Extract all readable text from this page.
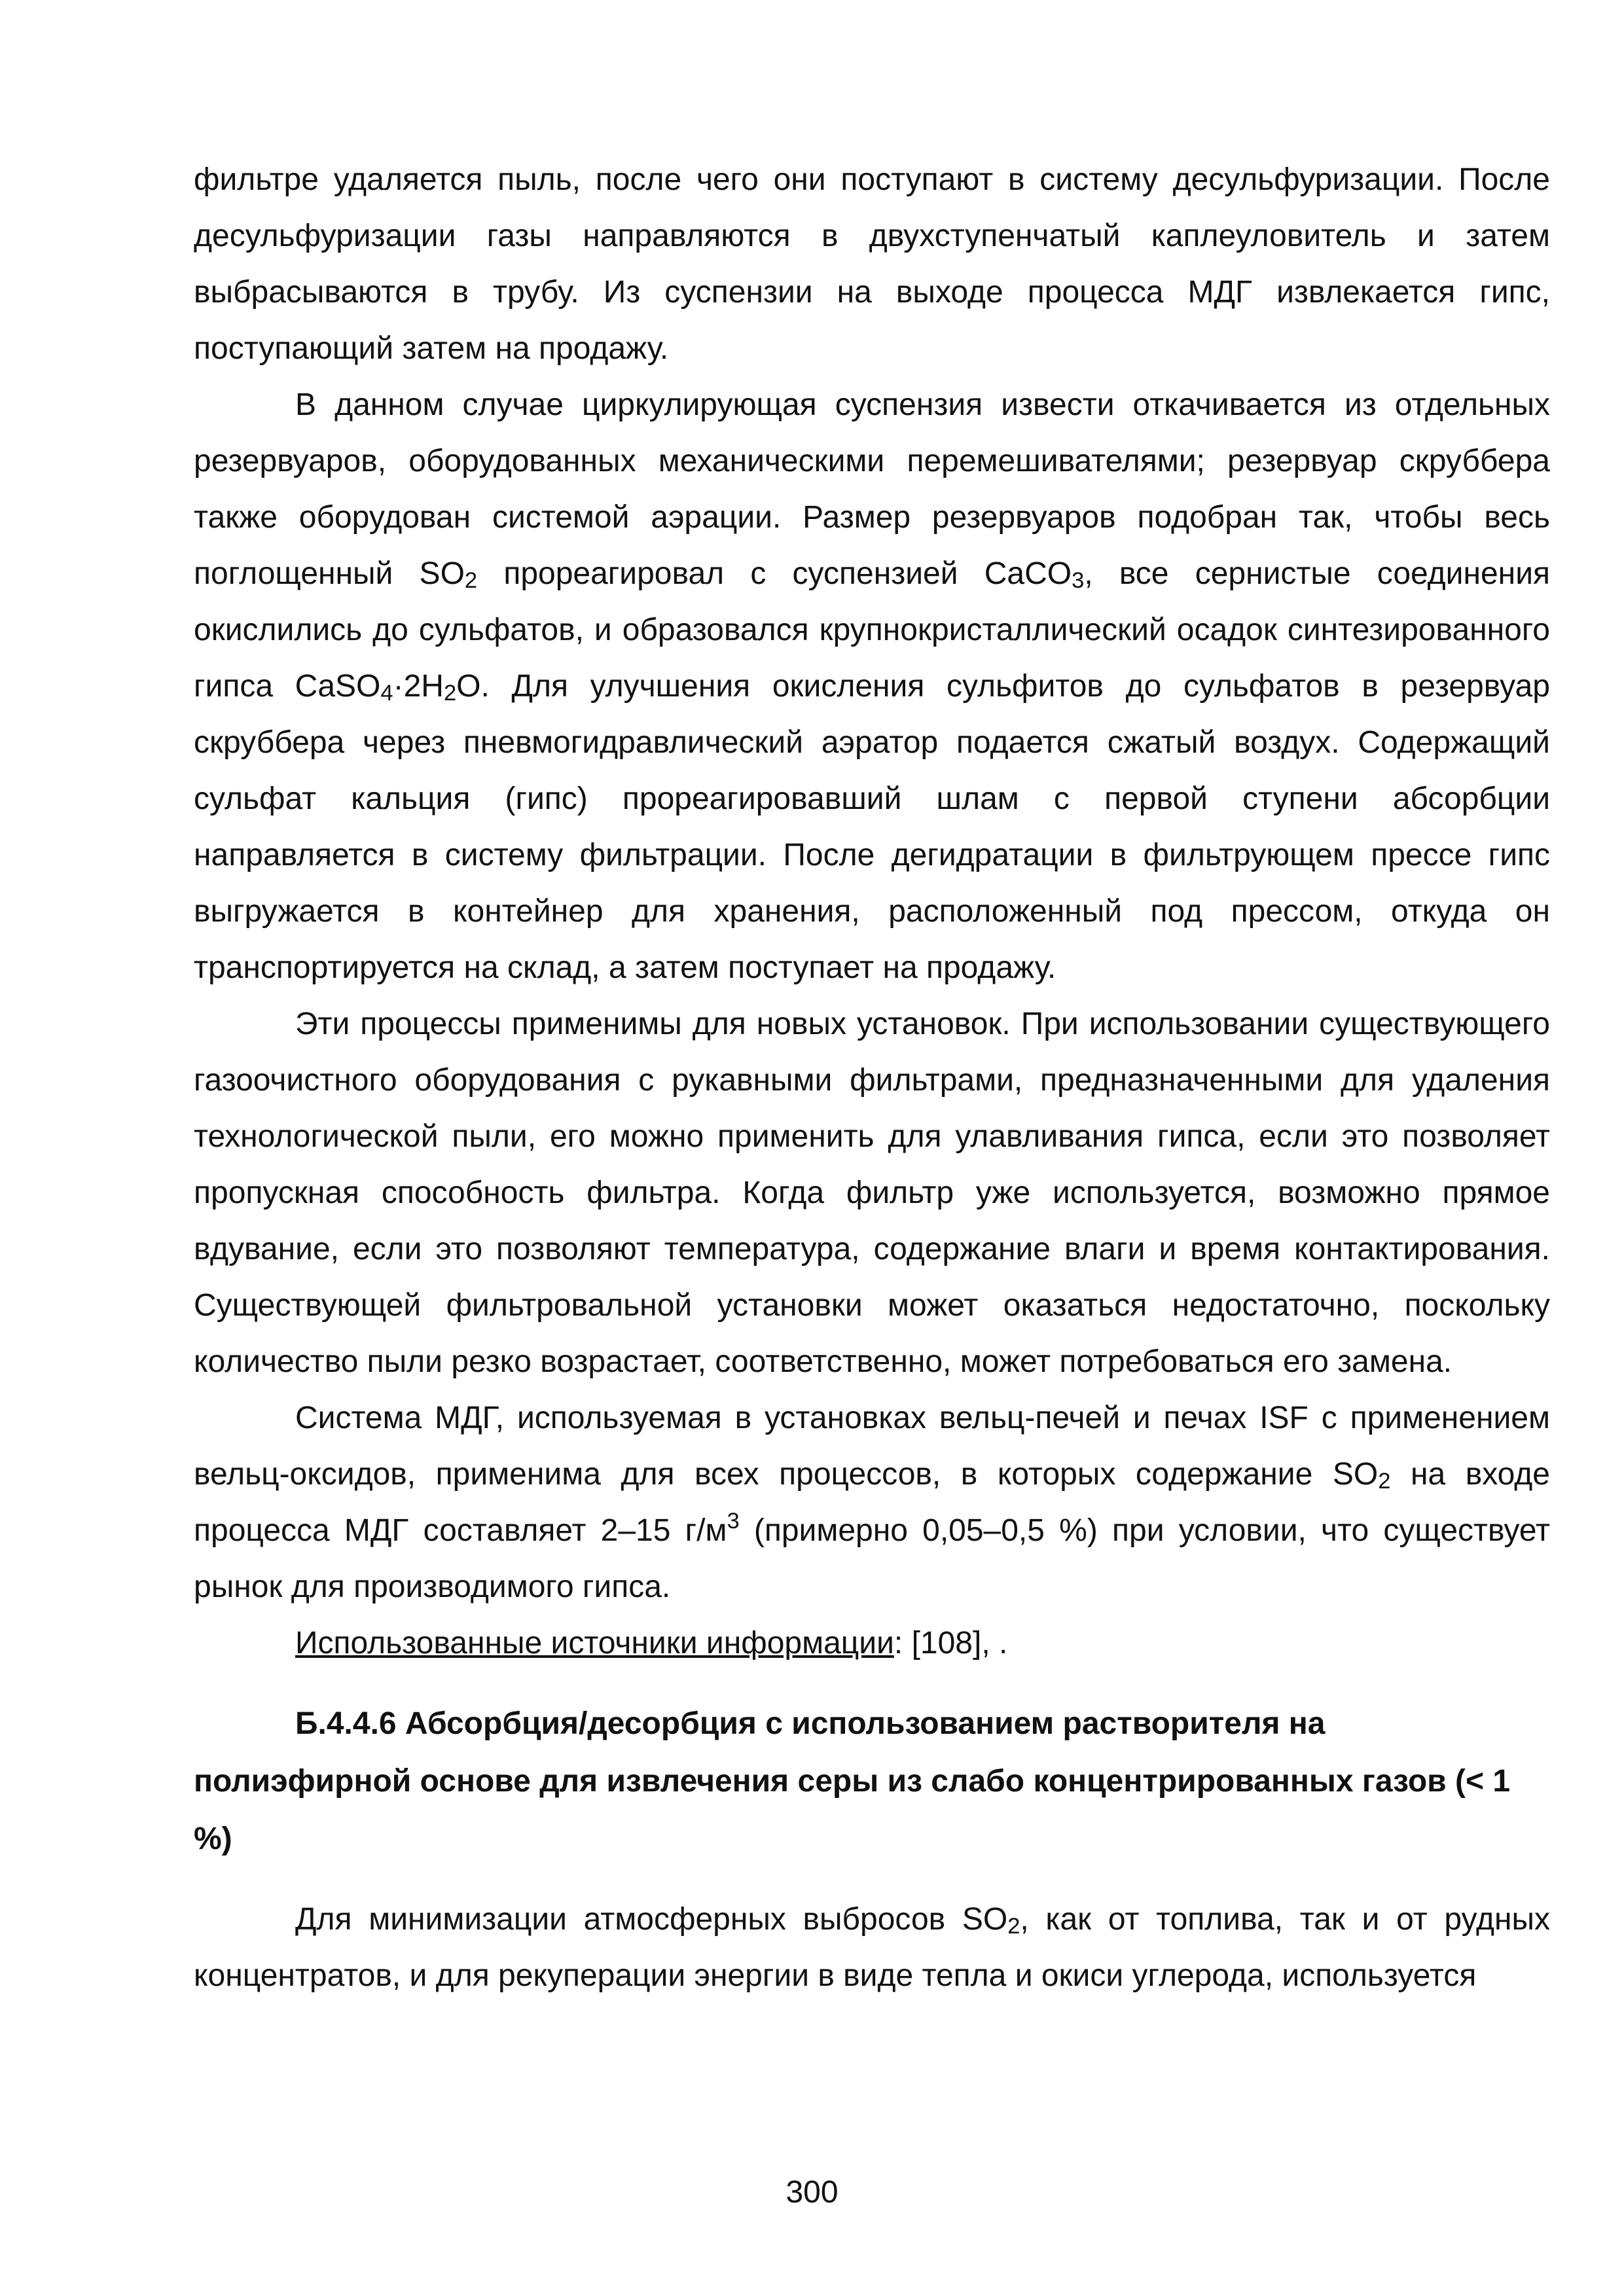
фильтре удаляется пыль, после чего они поступают в систему десульфуризации. После десульфуризации газы направляются в двухступенчатый каплеуловитель и затем выбрасываются в трубу. Из суспензии на выходе процесса МДГ извлекается гипс, поступающий затем на продажу.

В данном случае циркулирующая суспензия извести откачивается из отдельных резервуаров, оборудованных механическими перемешивателями; резервуар скруббера также оборудован системой аэрации. Размер резервуаров подобран так, чтобы весь поглощенный $SO_2$ прореагировал с суспензией CaCO$_3$, все сернистые соединения окислились до сульфатов, и образовался крупнокристаллический осадок синтезированного гипса $CaSO_4\cdot 2H_2O$. Для улучшения окисления сульфитов до сульфатов в резервуар скруббера через пневмогидравлический аэратор подается сжатый воздух. Содержащий сульфат кальция (гипс) прореагировавший шлам с первой ступени абсорбции направляется в систему фильтрации. После дегидратации в фильтрующем прессе гипс выгружается в контейнер для хранения, расположенный под прессом, откуда он транспортируется на склад, а затем поступает на продажу.

Эти процессы применимы для новых установок. При использовании существующего газоочистного оборудования с рукавными фильтрами, предназначенными для удаления технологической пыли, его можно применить для улавливания гипса, если это позволяет пропускная способность фильтра. Когда фильтр уже используется, возможно прямое вдувание, если это позволяют температура, содержание влаги и время контактирования. Существующей фильтровальной установки может оказаться недостаточно, поскольку количество пыли резко возрастает, соответственно, может потребоваться его замена.

Система МДГ, используемая в установках вельц-печей и печах ISF с применением вельц-оксидов, применима для всех процессов, в которых содержание $SO_2$ на входе процесса МДГ составляет 2–15 $г/м^3$ (примерно 0,05–0,5 %) при условии, что существует рынок для производимого гипса.

Использованные источники информации: [108], .

Б.4.4.6 Абсорбция/десорбция с использованием растворителя на полиэфирной основе для извлечения серы из слабо концентрированных газов (< 1 %)

Для минимизации атмосферных выбросов $SO_2$, как от топлива, так и от рудных концентратов, и для рекуперации энергии в виде тепла и окиси углерода, используется

300
